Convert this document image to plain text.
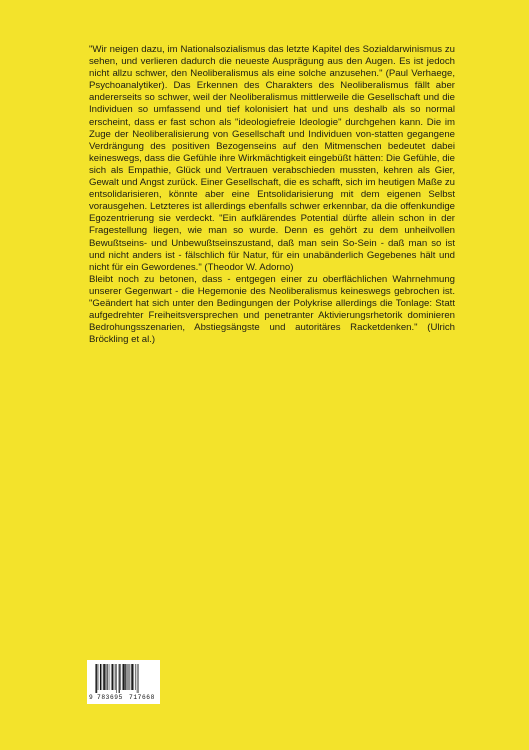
"Wir neigen dazu, im Nationalsozialismus das letzte Kapitel des Sozialdarwinismus zu sehen, und verlieren dadurch die neueste Ausprägung aus den Augen. Es ist jedoch nicht allzu schwer, den Neoliberalismus als eine solche anzusehen." (Paul Verhaege, Psychoanalytiker). Das Erkennen des Charakters des Neoliberalismus fällt aber andererseits so schwer, weil der Neoliberalismus mittlerweile die Gesellschaft und die Individuen so umfassend und tief kolonisiert hat und uns deshalb als so normal erscheint, dass er fast schon als "ideologiefreie Ideologie" durchgehen kann. Die im Zuge der Neoliberalisierung von Gesellschaft und Individuen von-statten gegangene Verdrängung des positiven Bezogenseins auf den Mitmenschen bedeutet dabei keineswegs, dass die Gefühle ihre Wirkmächtigkeit eingebüßt hätten: Die Gefühle, die sich als Empathie, Glück und Vertrauen verabschieden mussten, kehren als Gier, Gewalt und Angst zurück. Einer Gesellschaft, die es schafft, sich im heutigen Maße zu entsolidarisieren, könnte aber eine Entsolidarisierung mit dem eigenen Selbst vorausgehen. Letzteres ist allerdings ebenfalls schwer erkennbar, da die offenkundige Egozentrierung sie verdeckt. "Ein aufklärendes Potential dürfte allein schon in der Fragestellung liegen, wie man so wurde. Denn es gehört zu dem unheilvollen Bewußtseins- und Unbewußtseinszustand, daß man sein So-Sein - daß man so ist und nicht anders ist - fälschlich für Natur, für ein unabänderlich Gegebenes hält und nicht für ein Gewordenes." (Theodor W. Adorno)

Bleibt noch zu betonen, dass - entgegen einer zu oberflächlichen Wahrnehmung unserer Gegenwart - die Hegemonie des Neoliberalismus keineswegs gebrochen ist. "Geändert hat sich unter den Bedingungen der Polykrise allerdings die Tonlage: Statt aufgedrehter Freiheitsversprechen und penetranter Aktivierungsrhetorik dominieren Bedrohungsszenarien, Abstiegsängste und autoritäres Racketdenken." (Ulrich Bröckling et al.)

9 783695 717668
